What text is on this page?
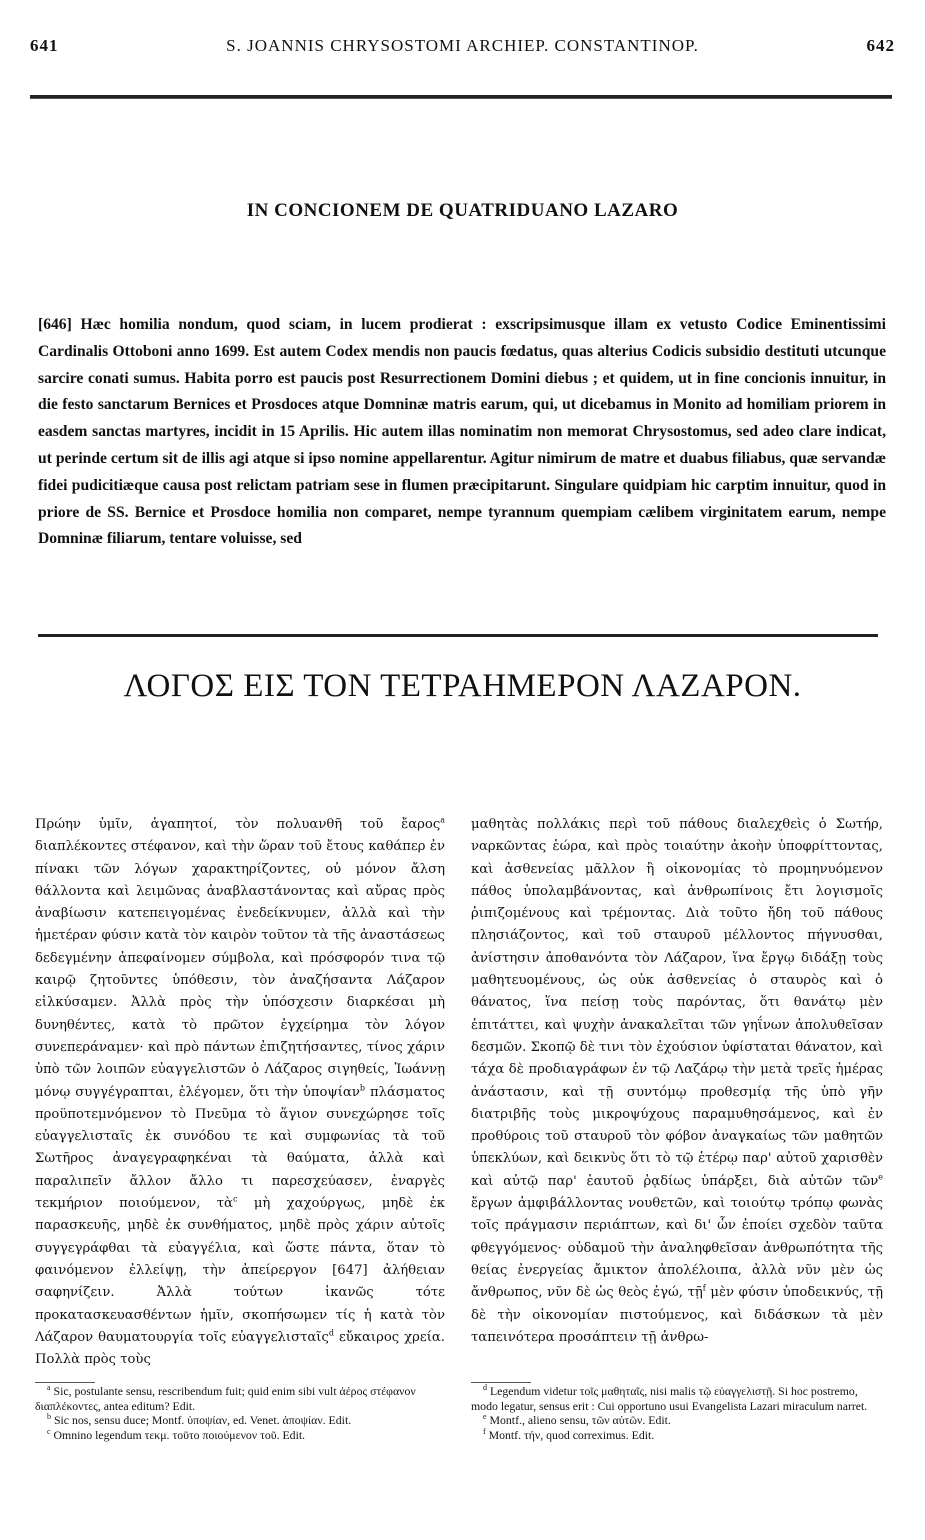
641	S. JOANNIS CHRYSOSTOMI ARCHIEP. CONSTANTINOP.	642
IN CONCIONEM DE QUATRIDUANO LAZARO
[646] Hæc homilia nondum, quod sciam, in lucem prodierat : exscripsimusque illam ex vetusto Codice Eminentissimi Cardinalis Ottoboni anno 1699. Est autem Codex mendis non paucis fœdatus, quas alterius Codicis subsidio destituti utcunque sarcire conati sumus. Habita porro est paucis post Resurrectionem Domini diebus ; et quidem, ut in fine concionis innuitur, in die festo sanctarum Bernices et Prosdoces atque Domninæ matris earum, qui, ut dicebamus in Monito ad homiliam priorem in easdem sanctas martyres, incidit in 15 Aprilis. Hic autem illas nominatim non memorat Chrysostomus, sed adeo clare indicat, ut perinde certum sit de illis agi atque si ipso nomine appellarentur. Agitur nimirum de matre et duabus filiabus, quæ servandæ fidei pudicitiæque causa post relictam patriam sese in flumen præcipitarunt. Singulare quidpiam hic carptim innuitur, quod in priore de SS. Bernice et Prosdoce homilia non comparet, nempe tyrannum quempiam cælibem virginitatem earum, nempe Domninæ filiarum, tentare voluisse, sed
ΛΟΓΟΣ ΕΙΣ ΤΟΝ ΤΕΤΡΑΗΜΕΡΟΝ ΛΑΖΑΡΟΝ.
Πρώην ὑμῖν, ἀγαπητοί, τὸν πολυανθῆ τοῦ ἔαρος$^a$ διαπλέκοντες στέφανον, καὶ τὴν ὥραν τοῦ ἔτους καθάπερ ἐν πίνακι τῶν λόγων χαρακτηρίζοντες, οὐ μόνον ἄλση θάλλοντα καὶ λειμῶνας ἀναβλαστάνοντας καὶ αὔρας πρὸς ἀναβίωσιν κατεπειγομένας ἐνεδείκνυμεν, ἀλλὰ καὶ τὴν ἡμετέραν φύσιν κατὰ τὸν καιρὸν τοῦτον τὰ τῆς ἀναστάσεως δεδεγμένην ἀπεφαίνομεν σύμβολα, καὶ πρόσφορόν τινα τῷ καιρῷ ζητοῦντες ὑπόθεσιν, τὸν ἀναζήσαντα Λάζαρον εἱλκύσαμεν. Ἀλλὰ πρὸς τὴν ὑπόσχεσιν διαρκέσαι μὴ δυνηθέντες, κατὰ τὸ πρῶτον ἐγχείρημα τὸν λόγον συνεπεράναμεν· καὶ πρὸ πάντων ἐπιζητήσαντες, τίνος χάριν ὑπὸ τῶν λοιπῶν εὐαγγελιστῶν ὁ Λάζαρος σιγηθείς, Ἰωάννῃ μόνῳ συγγέγραπται, ἐλέγομεν, ὅτι τὴν ὑποψίαν$^b$ πλάσματος προϋποτεμνόμενον τὸ Πνεῦμα τὸ ἅγιον συνεχώρησε τοῖς εὐαγγελισταῖς ἐκ συνόδου τε καὶ συμφωνίας τὰ τοῦ Σωτῆρος ἀναγεγραφηκέναι τὰ θαύματα, ἀλλὰ καὶ παραλιπεῖν ἄλλον ἄλλο τι παρεσχεύασεν, ἐναργὲς τεκμήριον ποιούμενον, τὰ$^c$ μὴ χαχούργως, μηδὲ ἐκ παρασκευῆς, μηδὲ ἐκ συνθήματος, μηδὲ πρὸς χάριν αὐτοῖς συγγεγράφθαι τὰ εὐαγγέλια, καὶ ὥστε πάντα, ὅταν τὸ φαινόμενον ἐλλείψῃ, τὴν ἀπείρεργον [647] ἀλήθειαν σαφηνίζειν. Ἀλλὰ τούτων ἱκανῶς τότε προκατασκευασθέντων ἡμῖν, σκοπήσωμεν τίς ἡ κατὰ τὸν Λάζαρον θαυματουργία τοῖς εὐαγγελισταῖς$^d$ εὔκαιρος χρεία. Πολλὰ πρὸς τοὺς
μαθητὰς πολλάκις περὶ τοῦ πάθους διαλεχθεὶς ὁ Σωτήρ, ναρκῶντας ἑώρα, καὶ πρὸς τοιαύτην ἀκοὴν ὑποφρίττοντας, καὶ ἀσθενείας μᾶλλον ἢ οἰκονομίας τὸ προμηνυόμενον πάθος ὑπολαμβάνοντας, καὶ ἀνθρωπίνοις ἔτι λογισμοῖς ῥιπιζομένους καὶ τρέμοντας. Διὰ τοῦτο ἤδη τοῦ πάθους πλησιάζοντος, καὶ τοῦ σταυροῦ μέλλοντος πήγνυσθαι, ἀνίστησιν ἀποθανόντα τὸν Λάζαρον, ἵνα ἔργῳ διδάξῃ τοὺς μαθητευομένους, ὡς οὐκ ἀσθενείας ὁ σταυρὸς καὶ ὁ θάνατος, ἵνα πείσῃ τοὺς παρόντας, ὅτι θανάτῳ μὲν ἐπιτάττει, καὶ ψυχὴν ἀνακαλεῖται τῶν γηΐνων ἀπολυθεῖσαν δεσμῶν. Σκοπῷ δὲ τινι τὸν ἐχούσιον ὑφίσταται θάνατον, καὶ τάχα δὲ προδιαγράφων ἐν τῷ Λαζάρῳ τὴν μετὰ τρεῖς ἡμέρας ἀνάστασιν, καὶ τῇ συντόμῳ προθεσμίᾳ τῆς ὑπὸ γῆν διατριβῆς τοὺς μικροψύχους παραμυθησάμενος, καὶ ἐν προθύροις τοῦ σταυροῦ τὸν φόβον ἀναγκαίως τῶν μαθητῶν ὑπεκλύων, καὶ δεικνὺς ὅτι τὸ τῷ ἑτέρῳ παρ' αὐτοῦ χαρισθὲν καὶ αὐτῷ παρ' ἑαυτοῦ ῥᾳδίως ὑπάρξει, διὰ αὐτῶν τῶν$^e$ ἔργων ἀμφιβάλλοντας νουθετῶν, καὶ τοιούτῳ τρόπῳ φωνὰς τοῖς πράγμασιν περιάπτων, καὶ δι' ὧν ἐποίει σχεδὸν ταῦτα φθεγγόμενος· οὐδαμοῦ τὴν ἀναληφθεῖσαν ἀνθρωπότητα τῆς θείας ἐνεργείας ἄμικτον ἀπολέλοιπα, ἀλλὰ νῦν μὲν ὡς ἄνθρωπος, νῦν δὲ ὡς θεὸς ἐγώ, τῇ$^f$ μὲν φύσιν ὑποδεικνύς, τῇ δὲ τὴν οἰκονομίαν πιστούμενος, καὶ διδάσκων τὰ μὲν ταπεινότερα προσάπτειν τῇ ἀνθρω-

$^a$ Sic, postulante sensu, rescribendum fuit; quid enim sibi vult ἀέρος στέφανον διαπλέκοντες, antea editum? Edit.

$^b$ Sic nos, sensu duce; Montf. ὑποψίαν, ed. Venet. ἀποψίαν. Edit.

$^c$ Omnino legendum τεκμ. τοῦτο ποιούμενον τοῦ. Edit.

$^d$ Legendum videtur τοῖς μαθηταῖς, nisi malis τῷ εὐαγγελιστῇ. Si hoc postremo, modo legatur, sensus erit : Cui opportuno usui Evangelista Lazari miraculum narret.

$^e$ Montf., alieno sensu, τῶν αὐτῶν. Edit.

$^f$ Montf. τήν, quod correximus. Edit.
